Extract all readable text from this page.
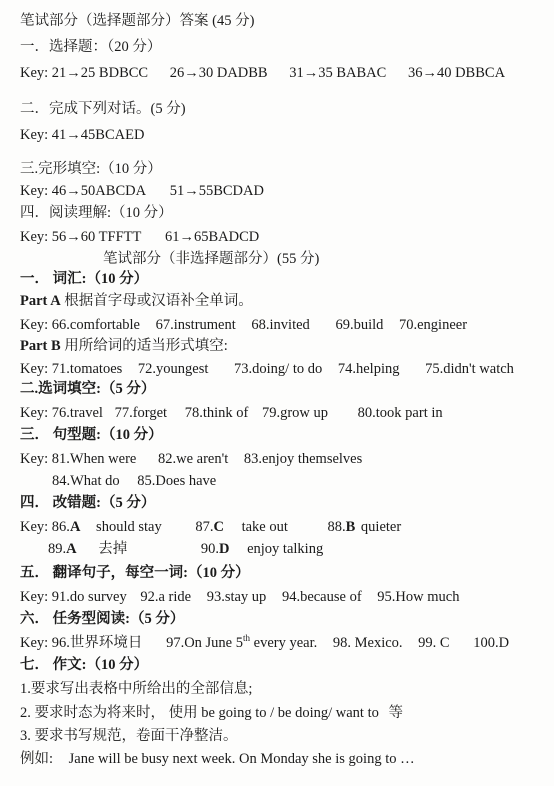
笔试部分（选择题部分）答案 (45 分)
一．选择题：（20 分）
Key: 21→25 BDBCC 26→30 DADBB 31→35 BABAC 36→40 DBBCA
二．完成下列对话。(5 分)
Key: 41→45BCAED
三.完形填空:（10 分）
Key: 46→50ABCDA 51→55BCDAD
四．阅读理解:（10 分）
Key: 56→60 TFFTT 61→65BADCD
笔试部分（非选择题部分）(55 分)
一． 词汇:（10 分）
Part A 根据首字母或汉语补全单词。
Key: 66.comfortable 67.instrument 68.invited 69.build 70.engineer
Part B 用所给词的适当形式填空:
Key: 71.tomatoes 72.youngest 73.doing/ to do 74.helping 75.didn't watch
二.选词填空:（5 分）
Key: 76.travel 77.forget 78.think of 79.grow up 80.took part in
三． 句型题:（10 分）
Key: 81.When were 82.we aren't 83.enjoy themselves
84.What do 85.Does have
四． 改错题:（5 分）
Key: 86.A should stay 87.C take out	88.B quieter
89.A 去掉	90.D enjoy talking
五． 翻译句子，每空一词:（10 分）
Key: 91.do survey 92.a ride 93.stay up 94.because of 95.How much
六． 任务型阅读:（5 分）
Key: 96.世界环境日 97.On June 5th every year. 98. Mexico. 99. C 100.D
七． 作文:（10 分）
1.要求写出表格中所给出的全部信息;
2. 要求时态为将来时， 使用 be going to / be doing/ want to 等
3. 要求书写规范，卷面干净整洁。
例如: Jane will be busy next week. On Monday she is going to …
